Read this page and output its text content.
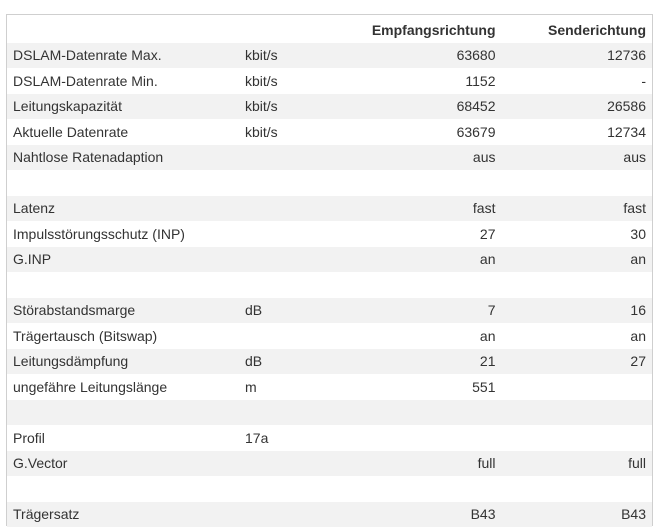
		Empfangsrichtung	Senderichtung
DSLAM-Datenrate Max.	kbit/s	63680	12736
DSLAM-Datenrate Min.	kbit/s	1152	-
Leitungskapazität	kbit/s	68452	26586
Aktuelle Datenrate	kbit/s	63679	12734
Nahtlose Ratenadaption		aus	aus

Latenz		fast	fast
Impulsstörungsschutz (INP)		27	30
G.INP		an	an

Störabstandsmarge	dB	7	16
Trägertausch (Bitswap)		an	an
Leitungsdämpfung	dB	21	27
ungefähre Leitungslänge	m	551	

Profil	17a		
G.Vector		full	full

Trägersatz		B43	B43
